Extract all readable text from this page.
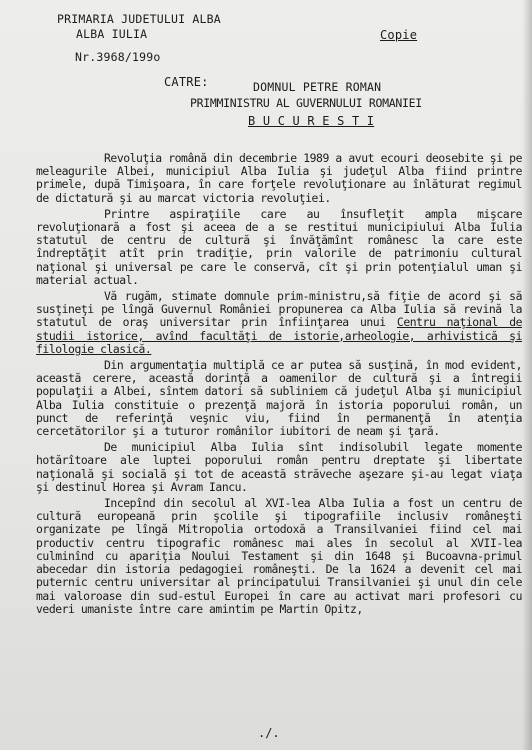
PRIMARIA JUDETULUI ALBA
ALBA IULIA
Nr.3968/199o
Copie
CATRE:	DOMNUL PETRE ROMAN
PRIMMINISTRU AL GUVERNULUI ROMANIEI
B U C U R E S T I

Revoluţia română din decembrie 1989 a avut ecouri deosebite şi pe meleagurile Albei, municipiul Alba Iulia şi judeţul Alba fiind printre primele, după Timişoara, în care forţele revoluţionare au înlăturat regimul de dictatură şi au marcat victoria revoluţiei.

Printre aspiraţiile care au însufleţit ampla mişcare revoluţionară a fost şi aceea de a se restitui municipiului Alba Iulia statutul de centru de cultură şi învăţămînt românesc la care este îndreptăţit atît prin tradiţie, prin valorile de patrimoniu cultural naţional şi universal pe care le conservă, cît şi prin potenţialul uman şi material actual.

Vă rugăm, stimate domnule prim-ministru,să fiţie de acord şi să susţineţi pe lîngă Guvernul României propunerea ca Alba Iulia să revină la statutul de oraş universitar prin înfiinţarea unui Centru naţional de studii istorice, avînd facultăţi de istorie,arheologie, arhivistică şi filologie clasică.

Din argumentaţia multiplă ce ar putea să susţină, în mod evident, această cerere, această dorinţă a oamenilor de cultură şi a întregii populaţii a Albei, sîntem datori să subliniem că judeţul Alba şi municipiul Alba Iulia constituie o prezenţă majoră în istoria poporului român, un punct de referinţă veşnic viu, fiind în permanenţă în atenţia cercetătorilor şi a tuturor românilor iubitori de neam şi ţară.

De municipiul Alba Iulia sînt indisolubil legate momente hotărîtoare ale luptei poporului român pentru dreptate şi libertate naţională şi socială şi tot de această străveche aşezare şi-au legat viaţa şi destinul Horea şi Avram Iancu.

Incepînd din secolul al XVI-lea Alba Iulia a fost un centru de cultură europeană prin şcolile şi tipografiile inclusiv româneşti organizate pe lîngă Mitropolia ortodoxă a Transilvaniei fiind cel mai productiv centru tipografic românesc mai ales în secolul al XVII-lea culminînd cu apariţia Noului Testament şi din 1648 şi Bucoavna-primul abecedar din istoria pedagogiei româneşti. De la 1624 a devenit cel mai puternic centru universitar al principatului Transilvaniei şi unul din cele mai valoroase din sud-estul Europei în care au activat mari profesori cu vederi umaniste între care amintim pe Martin Opitz,

./.
